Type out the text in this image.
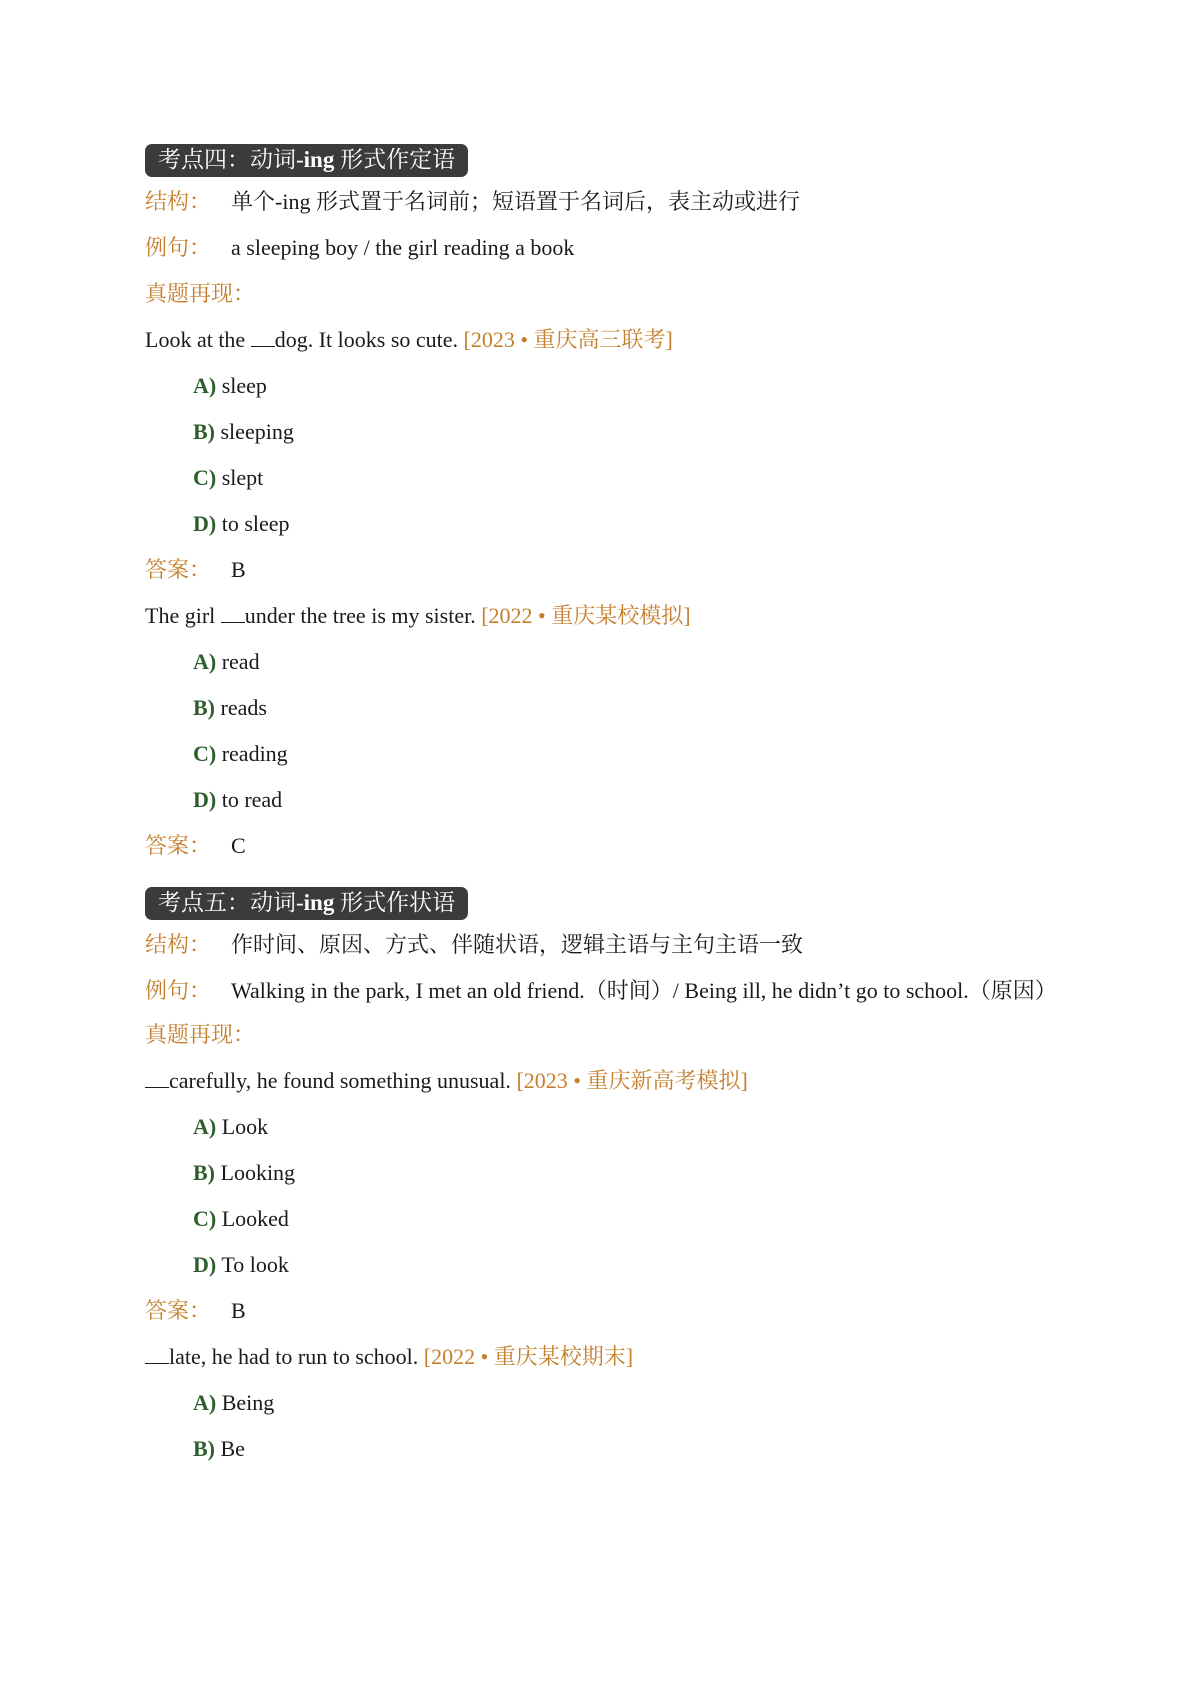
考点四：动词-ing 形式作定语
结构： 单个-ing 形式置于名词前；短语置于名词后，表主动或进行
例句： a sleeping boy / the girl reading a book
真题再现：
Look at the dog. It looks so cute. [2023 • 重庆高三联考]
A) sleep
B) sleeping
C) slept
D) to sleep
答案： B
The girl under the tree is my sister. [2022 • 重庆某校模拟]
A) read
B) reads
C) reading
D) to read
答案： C
考点五：动词-ing 形式作状语
结构： 作时间、原因、方式、伴随状语，逻辑主语与主句主语一致
例句： Walking in the park, I met an old friend.（时间）/ Being ill, he didn’t go to school.（原因）
真题再现：
carefully, he found something unusual. [2023 • 重庆新高考模拟]
A) Look
B) Looking
C) Looked
D) To look
答案： B
late, he had to run to school. [2022 • 重庆某校期末]
A) Being
B) Be
